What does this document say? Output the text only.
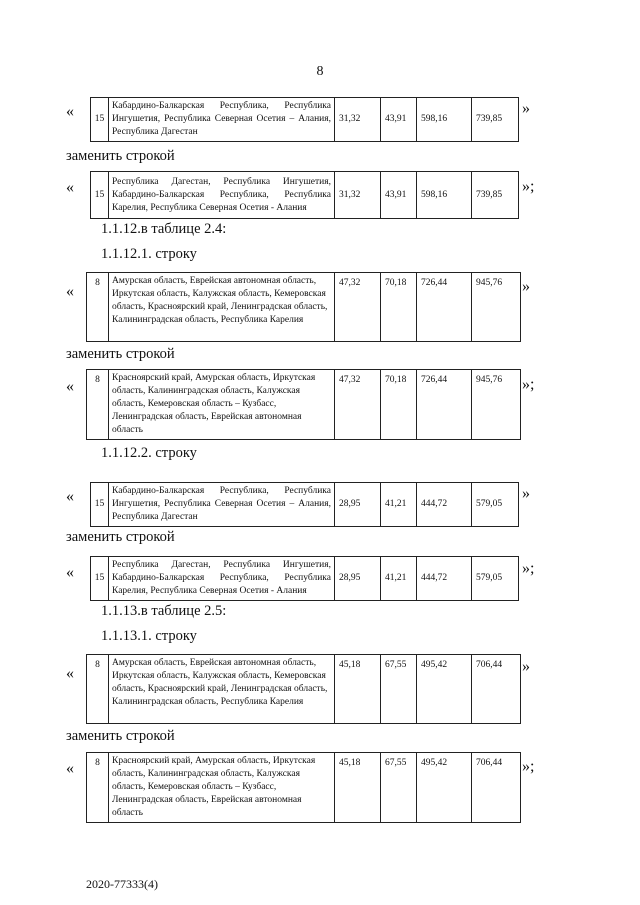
8
« 15	Кабардино-Балкарская Республика, Республика Ингушетия, Республика Северная Осетия – Алания, Республика Дагестан	31,32	43,91	598,16	739,85
»
заменить строкой
« 15	Республика Дагестан, Республика Ингушетия, Кабардино-Балкарская Республика, Республика Карелия, Республика Северная Осетия - Алания	31,32	43,91	598,16	739,85 »;
1.1.12.в таблице 2.4:
1.1.12.1. строку
« 8	Амурская область, Еврейская автономная область, Иркутская область, Калужская область, Кемеровская область, Красноярский край, Ленинградская область, Калининградская область, Республика Карелия	47,32	70,18	726,44	945,76 »
заменить строкой
« 8	Красноярский край, Амурская область, Иркутская область, Калининградская область, Калужская область, Кемеровская область – Кузбасс, Ленинградская область, Еврейская автономная область	47,32	70,18	726,44	945,76 »;
1.1.12.2. строку
« 15	Кабардино-Балкарская Республика, Республика Ингушетия, Республика Северная Осетия – Алания, Республика Дагестан	28,95	41,21	444,72	579,05
»
заменить строкой
« 15	Республика Дагестан, Республика Ингушетия, Кабардино-Балкарская Республика, Республика Карелия, Республика Северная Осетия - Алания	28,95	41,21	444,72	579,05
»;
1.1.13.в таблице 2.5:
1.1.13.1. строку
« 8	Амурская область, Еврейская автономная область, Иркутская область, Калужская область, Кемеровская область, Красноярский край, Ленинградская область, Калининградская область, Республика Карелия	45,18	67,55	495,42	706,44 »
заменить строкой
« 8	Красноярский край, Амурская область, Иркутская область, Калининградская область, Калужская область, Кемеровская область – Кузбасс, Ленинградская область, Еврейская автономная область	45,18	67,55	495,42	706,44 »;
2020-77333(4)
